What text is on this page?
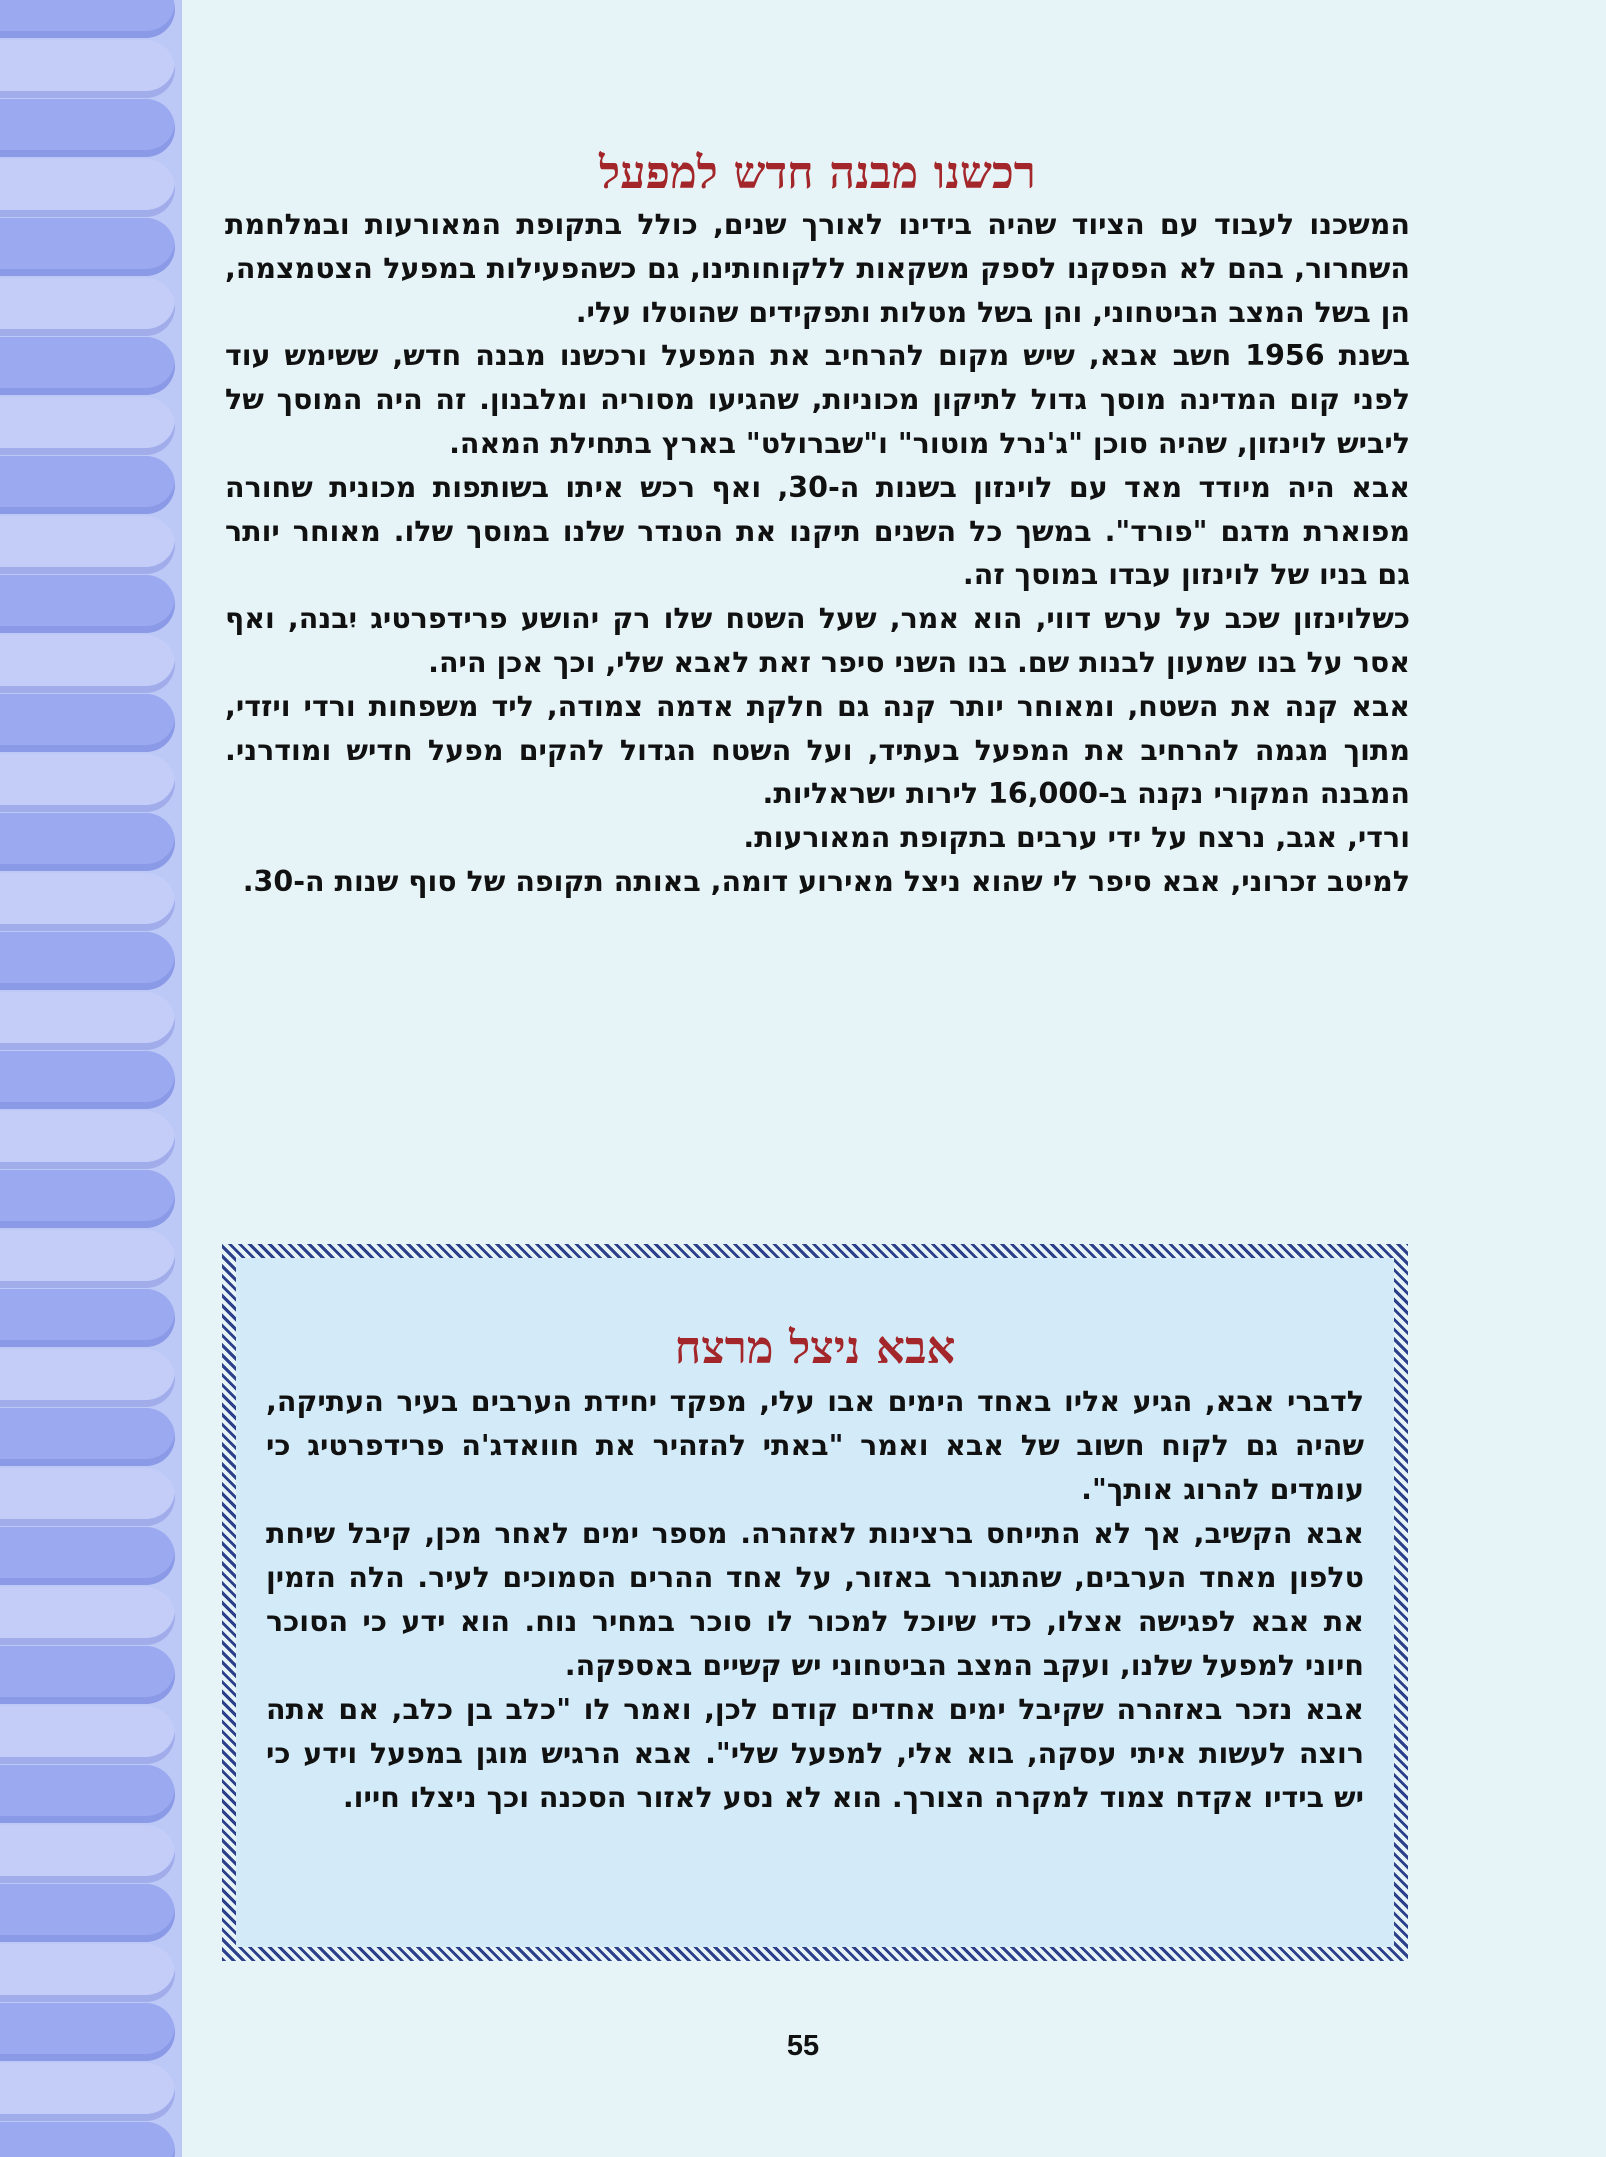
רכשנו מבנה חדש למפעל

המשכנו לעבוד עם הציוד שהיה בידינו לאורך שנים, כולל בתקופת המאורעות ובמלחמת השחרור, בהם לא הפסקנו לספק משקאות ללקוחותינו, גם כשהפעילות במפעל הצטמצמה, הן בשל המצב הביטחוני, והן בשל מטלות ותפקידים שהוטלו עלי.

בשנת 1956 חשב אבא, שיש מקום להרחיב את המפעל ורכשנו מבנה חדש, ששימש עוד לפני קום המדינה מוסך גדול לתיקון מכוניות, שהגיעו מסוריה ומלבנון. זה היה המוסך של ליביש לוינזון, שהיה סוכן "ג'נרל מוטור" ו"שברולט" בארץ בתחילת המאה.

אבא היה מיודד מאד עם לוינזון בשנות ה-30, ואף רכש איתו בשותפות מכונית שחורה מפוארת מדגם "פורד". במשך כל השנים תיקנו את הטנדר שלנו במוסך שלו. מאוחר יותר גם בניו של לוינזון עבדו במוסך זה.

כשלוינזון שכב על ערש דווי, הוא אמר, שעל השטח שלו רק יהושע פרידפרטיג יִבנה, ואף אסר על בנו שמעון לבנות שם. בנו השני סיפר זאת לאבא שלי, וכך אכן היה.

אבא קנה את השטח, ומאוחר יותר קנה גם חלקת אדמה צמודה, ליד משפחות ורדי ויזדי, מתוך מגמה להרחיב את המפעל בעתיד, ועל השטח הגדול להקים מפעל חדיש ומודרני. המבנה המקורי נקנה ב-16,000 לירות ישראליות.

ורדי, אגב, נרצח על ידי ערבים בתקופת המאורעות.

למיטב זכרוני, אבא סיפר לי שהוא ניצל מאירוע דומה, באותה תקופה של סוף שנות ה-30.

אבא ניצל מרצח

לדברי אבא, הגיע אליו באחד הימים אבו עלי, מפקד יחידת הערבים בעיר העתיקה, שהיה גם לקוח חשוב של אבא ואמר "באתי להזהיר את חוואדג'ה פרידפרטיג כי עומדים להרוג אותך".

אבא הקשיב, אך לא התייחס ברצינות לאזהרה. מספר ימים לאחר מכן, קיבל שיחת טלפון מאחד הערבים, שהתגורר באזור, על אחד ההרים הסמוכים לעיר. הלה הזמין את אבא לפגישה אצלו, כדי שיוכל למכור לו סוכר במחיר נוח. הוא ידע כי הסוכר חיוני למפעל שלנו, ועקב המצב הביטחוני יש קשיים באספקה.

אבא נזכר באזהרה שקיבל ימים אחדים קודם לכן, ואמר לו "כלב בן כלב, אם אתה רוצה לעשות איתי עסקה, בוא אלי, למפעל שלי". אבא הרגיש מוגן במפעל וידע כי יש בידיו אקדח צמוד למקרה הצורך. הוא לא נסע לאזור הסכנה וכך ניצלו חייו.

55
